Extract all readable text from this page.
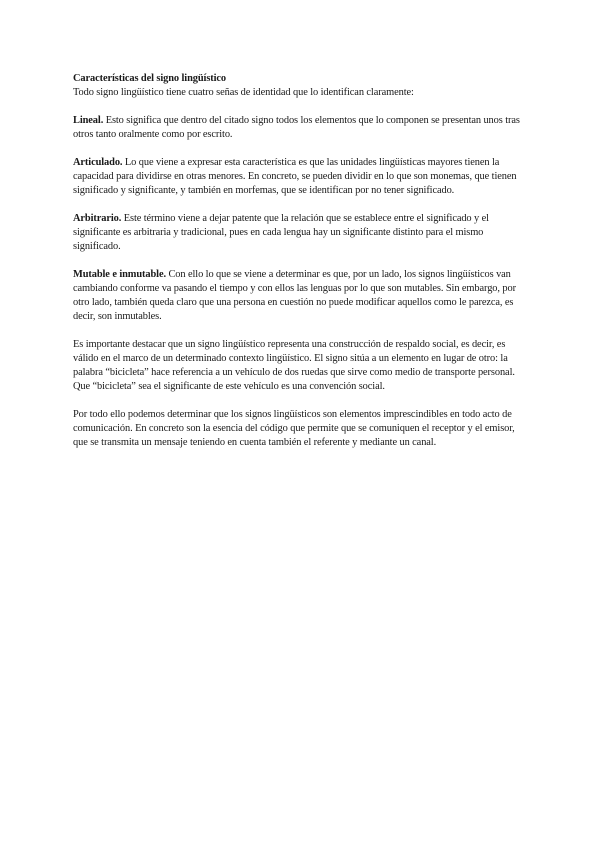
Características del signo lingüístico

Todo signo lingüístico tiene cuatro señas de identidad que lo identifican claramente:

Lineal. Esto significa que dentro del citado signo todos los elementos que lo componen se presentan unos tras otros tanto oralmente como por escrito.

Articulado. Lo que viene a expresar esta característica es que las unidades lingüísticas mayores tienen la capacidad para dividirse en otras menores. En concreto, se pueden dividir en lo que son monemas, que tienen significado y significante, y también en morfemas, que se identifican por no tener significado.

Arbitrario. Este término viene a dejar patente que la relación que se establece entre el significado y el significante es arbitraria y tradicional, pues en cada lengua hay un significante distinto para el mismo significado.

Mutable e inmutable. Con ello lo que se viene a determinar es que, por un lado, los signos lingüísticos van cambiando conforme va pasando el tiempo y con ellos las lenguas por lo que son mutables. Sin embargo, por otro lado, también queda claro que una persona en cuestión no puede modificar aquellos como le parezca, es decir, son inmutables.

Es importante destacar que un signo lingüístico representa una construcción de respaldo social, es decir, es válido en el marco de un determinado contexto lingüístico. El signo sitúa a un elemento en lugar de otro: la palabra “bicicleta” hace referencia a un vehículo de dos ruedas que sirve como medio de transporte personal. Que “bicicleta” sea el significante de este vehículo es una convención social.

Por todo ello podemos determinar que los signos lingüísticos son elementos imprescindibles en todo acto de comunicación. En concreto son la esencia del código que permite que se comuniquen el receptor y el emisor, que se transmita un mensaje teniendo en cuenta también el referente y mediante un canal.
